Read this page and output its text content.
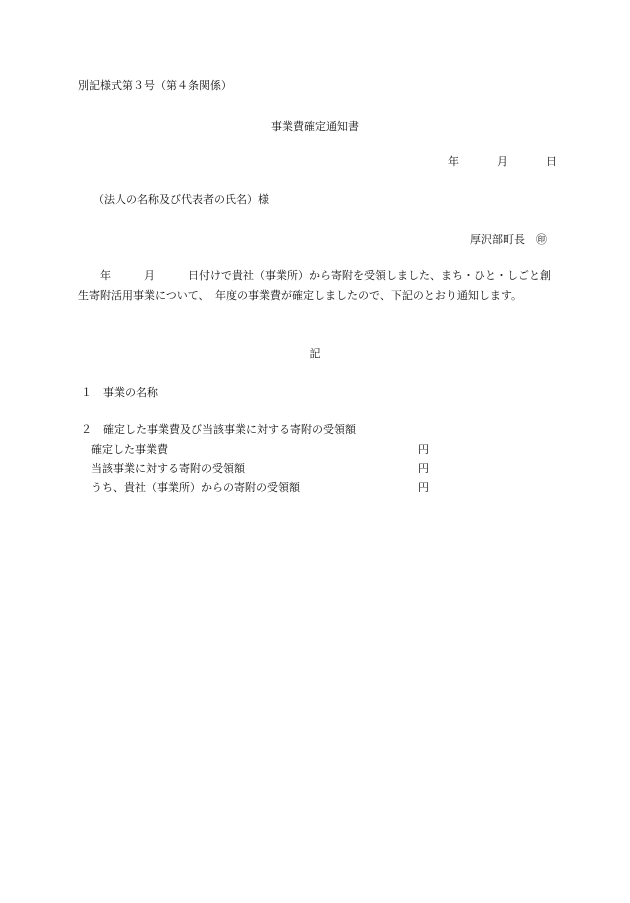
別記様式第３号（第４条関係）
事業費確定通知書
年	月	日
（法人の名称及び代表者の氏名）様
厚沢部町長　㊞
年　　　月　　　日付けで貴社（事業所）から寄附を受領しました、まち・ひと・しごと創生寄附活用事業について、　年度の事業費が確定しましたので、下記のとおり通知します。
記
１　事業の名称
２　確定した事業費及び当該事業に対する寄附の受領額
確定した事業費	円
当該事業に対する寄附の受領額	円
うち、貴社（事業所）からの寄附の受領額	円
